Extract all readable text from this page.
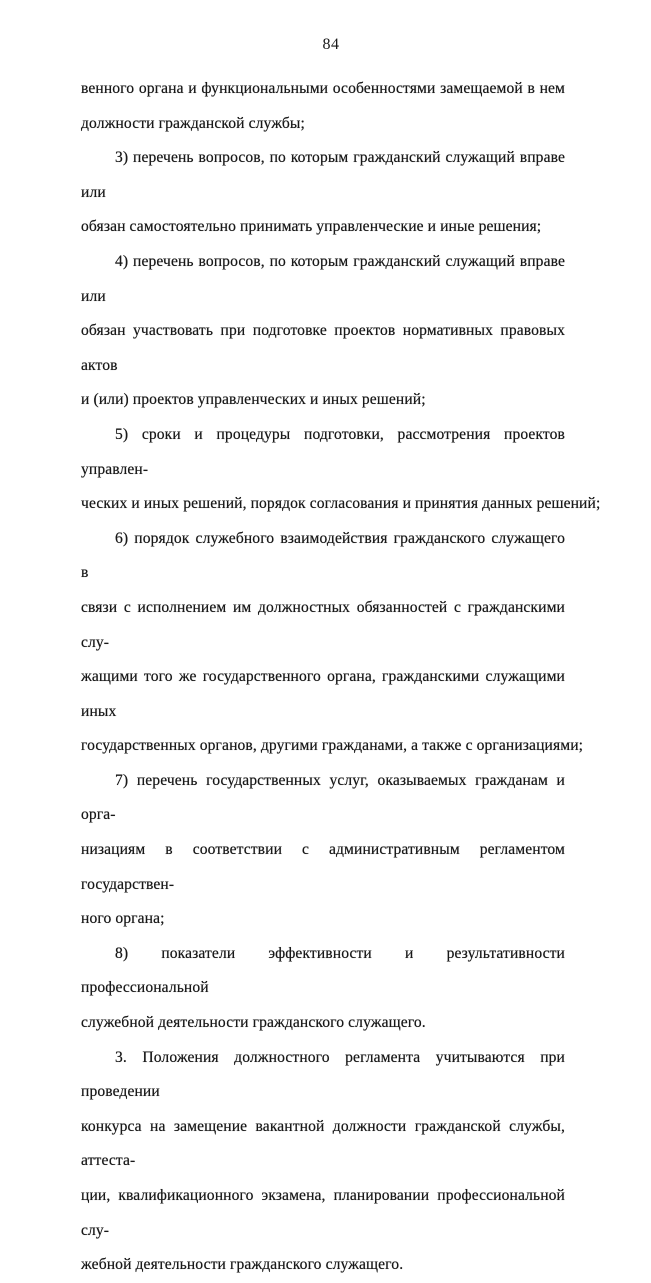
84
венного органа и функциональными особенностями замещаемой в нем
должности гражданской службы;
3) перечень вопросов, по которым гражданский служащий вправе или
обязан самостоятельно принимать управленческие и иные решения;
4) перечень вопросов, по которым гражданский служащий вправе или
обязан участвовать при подготовке проектов нормативных правовых актов
и (или) проектов управленческих и иных решений;
5) сроки и процедуры подготовки, рассмотрения проектов управлен-
ческих и иных решений, порядок согласования и принятия данных решений;
6) порядок служебного взаимодействия гражданского служащего в
связи с исполнением им должностных обязанностей с гражданскими слу-
жащими того же государственного органа, гражданскими служащими иных
государственных органов, другими гражданами, а также с организациями;
7) перечень государственных услуг, оказываемых гражданам и орга-
низациям в соответствии с административным регламентом государствен-
ного органа;
8) показатели эффективности и результативности профессиональной
служебной деятельности гражданского служащего.
3. Положения должностного регламента учитываются при проведении
конкурса на замещение вакантной должности гражданской службы, аттеста-
ции, квалификационного экзамена, планировании профессиональной слу-
жебной деятельности гражданского служащего.
